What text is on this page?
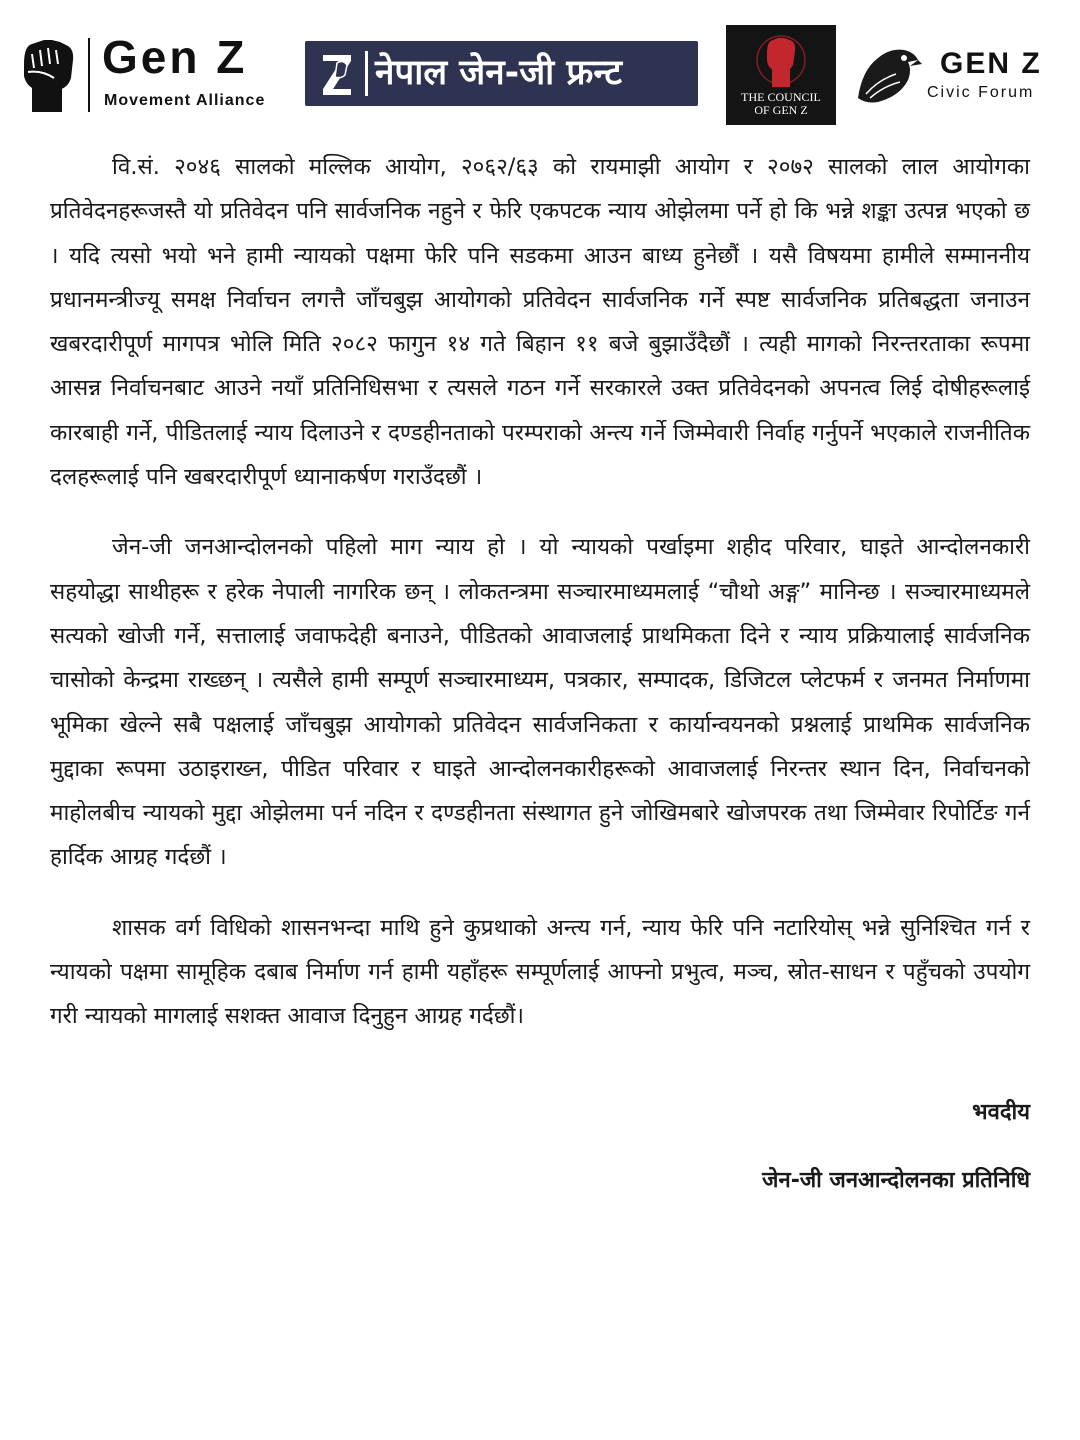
Gen Z
Movement Alliance
नेपाल जेन-जी फ्रन्ट
THE COUNCIL
OF GEN Z
GEN Z
Civic Forum

वि.सं. २०४६ सालको मल्लिक आयोग, २०६२/६३ को रायमाझी आयोग र २०७२ सालको लाल आयोगका प्रतिवेदनहरूजस्तै यो प्रतिवेदन पनि सार्वजनिक नहुने र फेरि एकपटक न्याय ओझेलमा पर्ने हो कि भन्ने शङ्का उत्पन्न भएको छ । यदि त्यसो भयो भने हामी न्यायको पक्षमा फेरि पनि सडकमा आउन बाध्य हुनेछौं । यसै विषयमा हामीले सम्माननीय प्रधानमन्त्रीज्यू समक्ष निर्वाचन लगत्तै जाँचबुझ आयोगको प्रतिवेदन सार्वजनिक गर्ने स्पष्ट सार्वजनिक प्रतिबद्धता जनाउन खबरदारीपूर्ण मागपत्र भोलि मिति २०८२ फागुन १४ गते बिहान ११ बजे बुझाउँदैछौं । त्यही मागको निरन्तरताका रूपमा आसन्न निर्वाचनबाट आउने नयाँ प्रतिनिधिसभा र त्यसले गठन गर्ने सरकारले उक्त प्रतिवेदनको अपनत्व लिई दोषीहरूलाई कारबाही गर्ने, पीडितलाई न्याय दिलाउने र दण्डहीनताको परम्पराको अन्त्य गर्ने जिम्मेवारी निर्वाह गर्नुपर्ने भएकाले राजनीतिक दलहरूलाई पनि खबरदारीपूर्ण ध्यानाकर्षण गराउँदछौं ।

जेन-जी जनआन्दोलनको पहिलो माग न्याय हो । यो न्यायको पर्खाइमा शहीद परिवार, घाइते आन्दोलनकारी सहयोद्धा साथीहरू र हरेक नेपाली नागरिक छन् । लोकतन्त्रमा सञ्चारमाध्यमलाई “चौथो अङ्ग” मानिन्छ । सञ्चारमाध्यमले सत्यको खोजी गर्ने, सत्तालाई जवाफदेही बनाउने, पीडितको आवाजलाई प्राथमिकता दिने र न्याय प्रक्रियालाई सार्वजनिक चासोको केन्द्रमा राख्छन् । त्यसैले हामी सम्पूर्ण सञ्चारमाध्यम, पत्रकार, सम्पादक, डिजिटल प्लेटफर्म र जनमत निर्माणमा भूमिका खेल्ने सबै पक्षलाई जाँचबुझ आयोगको प्रतिवेदन सार्वजनिकता र कार्यान्वयनको प्रश्नलाई प्राथमिक सार्वजनिक मुद्दाका रूपमा उठाइराख्न, पीडित परिवार र घाइते आन्दोलनकारीहरूको आवाजलाई निरन्तर स्थान दिन, निर्वाचनको माहोलबीच न्यायको मुद्दा ओझेलमा पर्न नदिन र दण्डहीनता संस्थागत हुने जोखिमबारे खोजपरक तथा जिम्मेवार रिपोर्टिङ गर्न हार्दिक आग्रह गर्दछौं ।

शासक वर्ग विधिको शासनभन्दा माथि हुने कुप्रथाको अन्त्य गर्न, न्याय फेरि पनि नटारियोस् भन्ने सुनिश्चित गर्न र न्यायको पक्षमा सामूहिक दबाब निर्माण गर्न हामी यहाँहरू सम्पूर्णलाई आफ्नो प्रभुत्व, मञ्च, स्रोत-साधन र पहुँचको उपयोग गरी न्यायको मागलाई सशक्त आवाज दिनुहुन आग्रह गर्दछौं।

भवदीय
जेन-जी जनआन्दोलनका प्रतिनिधि
